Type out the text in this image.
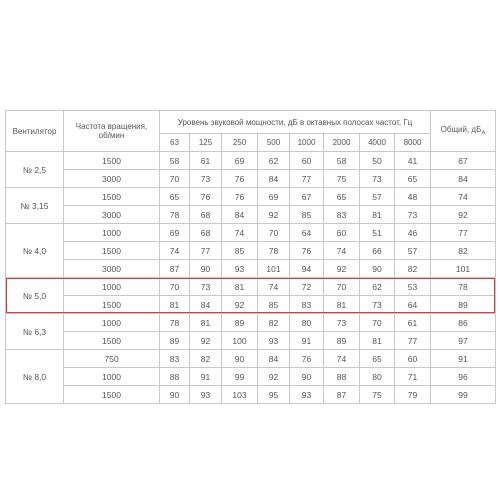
Вентилятор	Частота вращения, об/мин	Уровень звуковой мощности, дБ в октавных полосах частот, Гц								Общий, $дБ_A$
		63	125	250	500	1000	2000	4000	8000	
№ 2,5	1500	58	61	69	62	60	58	50	41	67
	3000	70	73	76	84	77	75	73	65	84
№ 3,15	1500	65	76	76	69	67	65	57	48	74
	3000	78	68	84	92	85	83	81	73	92
№ 4,0	1000	69	68	74	70	64	60	51	46	77
	1500	74	77	85	78	76	74	66	57	82
	3000	87	90	93	101	94	92	90	82	101
№ 5,0	1000	70	73	81	74	72	70	62	53	78
	1500	81	84	92	85	83	81	73	64	89
№ 6,3	1000	78	81	89	82	80	73	70	61	86
	1500	89	92	100	93	91	89	81	77	97
№ 8,0	750	83	82	90	84	76	74	65	60	91
	1000	88	91	99	92	90	88	80	71	96
	1500	90	93	103	95	93	87	75	79	99
